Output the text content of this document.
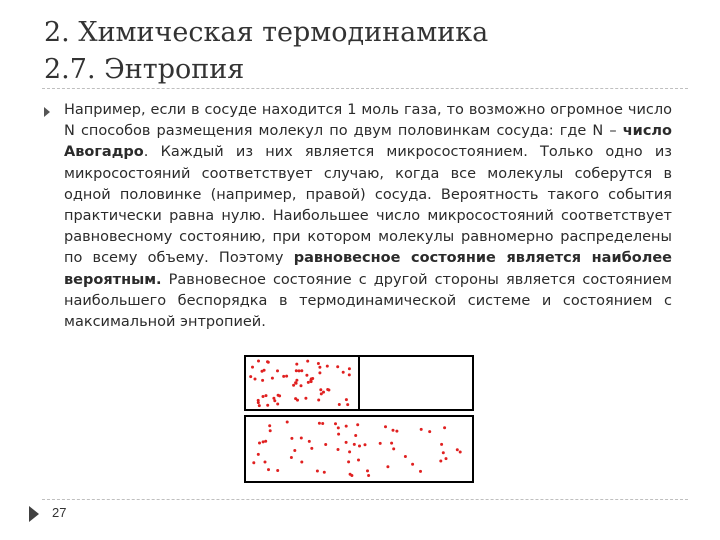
2. Химическая термодинамика
2.7. Энтропия

Например, если в сосуде находится 1 моль газа, то возможно огромное число N способов размещения молекул по двум половинкам сосуда: где N – число Авогадро. Каждый из них является микросостоянием. Только одно из микросостояний соответствует случаю, когда все молекулы соберутся в одной половинке (например, правой) сосуда. Вероятность такого события практически равна нулю. Наибольшее число микросостояний соответствует равновесному состоянию, при котором молекулы равномерно распределены по всему объему. Поэтому равновесное состояние является наиболее вероятным. Равновесное состояние с другой стороны является состоянием наибольшего беспорядка в термодинамической системе и состоянием с максимальной энтропией.

27
